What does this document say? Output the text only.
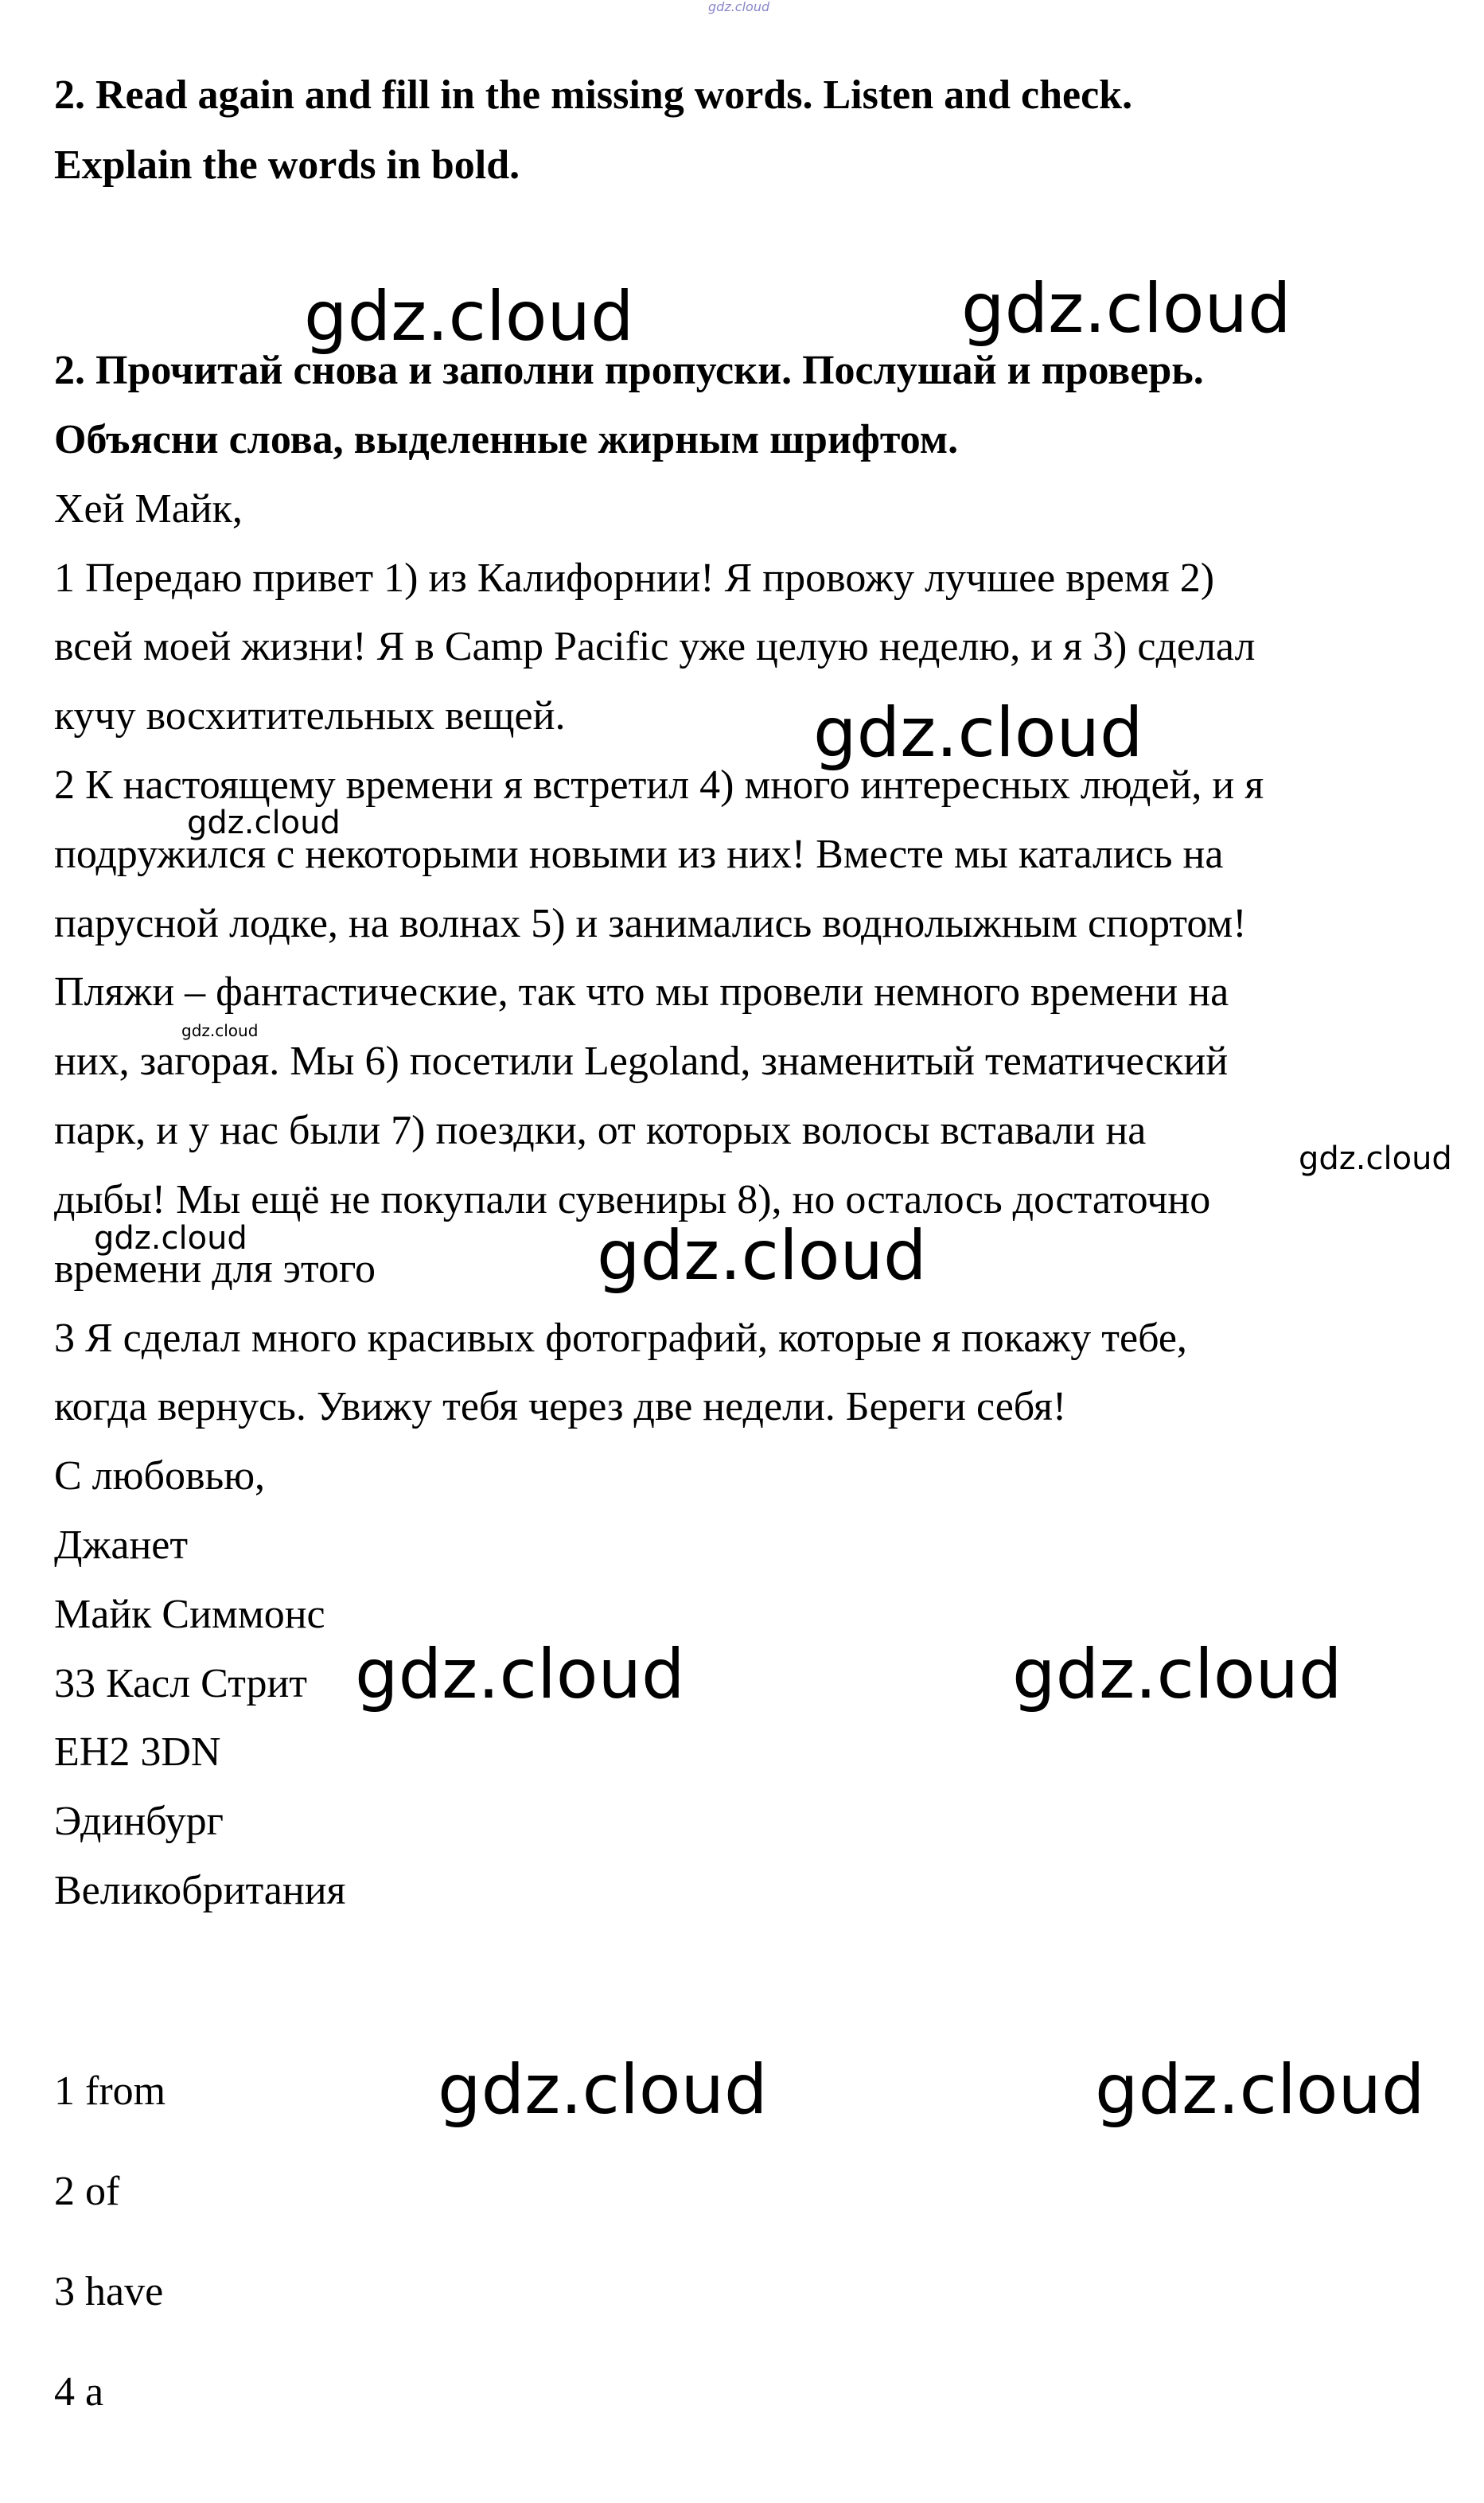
gdz.cloud
2. Read again and fill in the missing words. Listen and check.
Explain the words in bold.
2. Прочитай снова и заполни пропуски. Послушай и проверь.
Объясни слова, выделенные жирным шрифтом.
Хей Майк,
1 Передаю привет 1) из Калифорнии! Я провожу лучшее время 2)
всей моей жизни! Я в Camp Pacific уже целую неделю, и я 3) сделал
кучу восхитительных вещей.
2 К настоящему времени я встретил 4) много интересных людей, и я
подружился с некоторыми новыми из них! Вместе мы катались на
парусной лодке, на волнах 5) и занимались воднолыжным спортом!
Пляжи – фантастические, так что мы провели немного времени на
них, загорая. Мы 6) посетили Legoland, знаменитый тематический
парк, и у нас были 7) поездки, от которых волосы вставали на
дыбы! Мы ещё не покупали сувениры 8), но осталось достаточно
времени для этого
3 Я сделал много красивых фотографий, которые я покажу тебе,
когда вернусь. Увижу тебя через две недели. Береги себя!
С любовью,
Джанет
Майк Симмонс
33 Касл Стрит
EH2 3DN
Эдинбург
Великобритания
1 from
2 of
3 have
4 a
gdz.cloud	gdz.cloud
gdz.cloud
gdz.cloud
gdz.cloud
gdz.cloud
gdz.cloud	gdz.cloud
gdz.cloud	gdz.cloud
gdz.cloud	gdz.cloud
